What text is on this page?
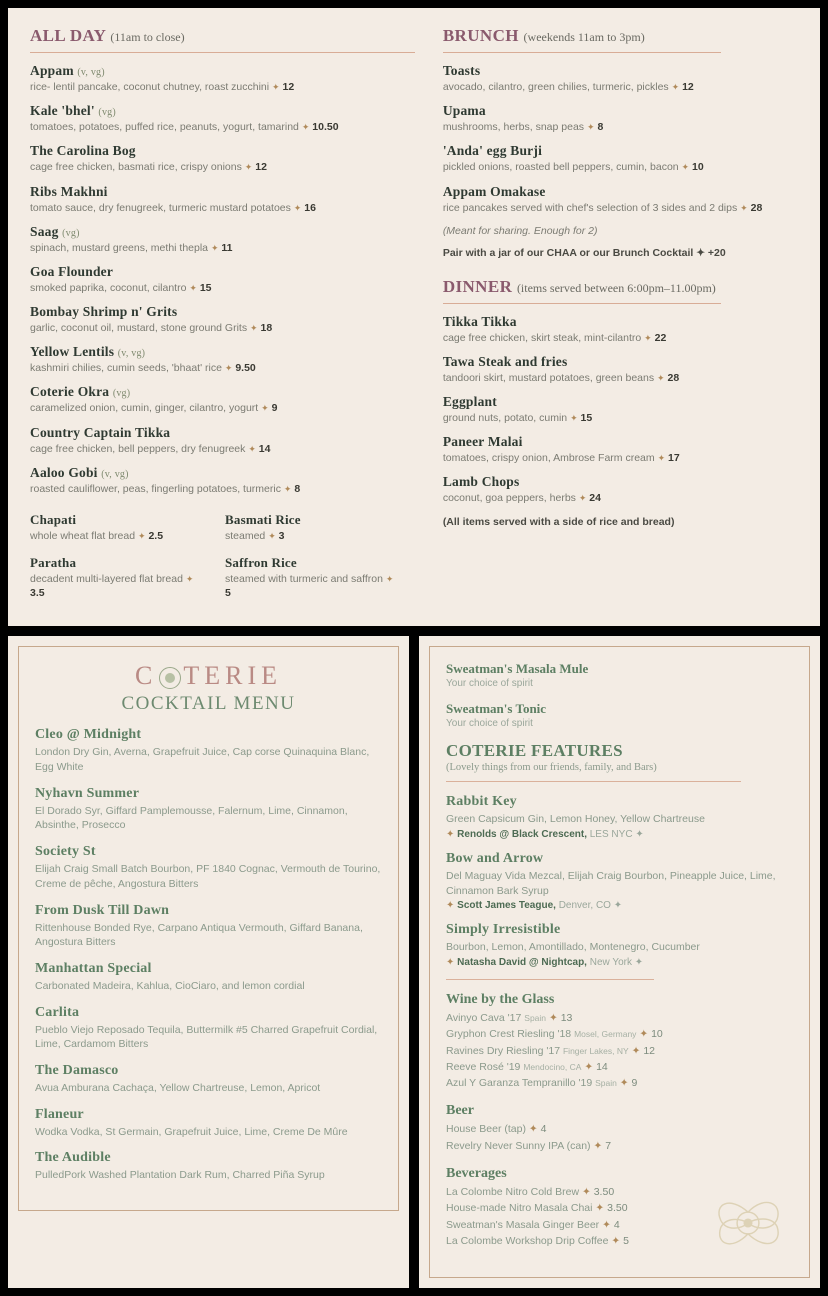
ALL DAY (11am to close)
Appam (v, vg)
rice- lentil pancake, coconut chutney, roast zucchini ✦ 12
Kale 'bhel' (vg)
tomatoes, potatoes, puffed rice, peanuts, yogurt, tamarind ✦ 10.50
The Carolina Bog
cage free chicken, basmati rice, crispy onions ✦ 12
Ribs Makhni
tomato sauce, dry fenugreek, turmeric mustard potatoes ✦ 16
Saag (vg)
spinach, mustard greens, methi thepla ✦ 11
Goa Flounder
smoked paprika, coconut, cilantro ✦ 15
Bombay Shrimp n' Grits
garlic, coconut oil, mustard, stone ground Grits ✦ 18
Yellow Lentils (v, vg)
kashmiri chilies, cumin seeds, 'bhaat' rice ✦ 9.50
Coterie Okra (vg)
caramelized onion, cumin, ginger, cilantro, yogurt ✦ 9
Country Captain Tikka
cage free chicken, bell peppers, dry fenugreek ✦ 14
Aaloo Gobi (v, vg)
roasted cauliflower, peas, fingerling potatoes, turmeric ✦ 8
Chapati
whole wheat flat bread ✦ 2.5
Paratha
decadent multi-layered flat bread ✦ 3.5
Basmati Rice
steamed ✦ 3
Saffron Rice
steamed with turmeric and saffron ✦ 5
BRUNCH (weekends 11am to 3pm)
Toasts
avocado, cilantro, green chilies, turmeric, pickles ✦ 12
Upama
mushrooms, herbs, snap peas ✦ 8
'Anda' egg Burji
pickled onions, roasted bell peppers, cumin, bacon ✦ 10
Appam Omakase
rice pancakes served with chef's selection of 3 sides and 2 dips ✦ 28
(Meant for sharing. Enough for 2)
Pair with a jar of our CHAA or our Brunch Cocktail ✦ +20
DINNER (items served between 6:00pm–11.00pm)
Tikka Tikka
cage free chicken, skirt steak, mint-cilantro ✦ 22
Tawa Steak and fries
tandoori skirt, mustard potatoes, green beans ✦ 28
Eggplant
ground nuts, potato, cumin ✦ 15
Paneer Malai
tomatoes, crispy onion, Ambrose Farm cream ✦ 17
Lamb Chops
coconut, goa peppers, herbs ✦ 24
(All items served with a side of rice and bread)
C TERIE
COCKTAIL MENU
Cleo @ Midnight
London Dry Gin, Averna, Grapefruit Juice, Cap corse Quinaquina Blanc, Egg White
Nyhavn Summer
El Dorado Syr, Giffard Pamplemousse, Falernum, Lime, Cinnamon, Absinthe, Prosecco
Society St
Elijah Craig Small Batch Bourbon, PF 1840 Cognac, Vermouth de Tourino, Creme de pêche, Angostura Bitters
From Dusk Till Dawn
Rittenhouse Bonded Rye, Carpano Antiqua Vermouth, Giffard Banana, Angostura Bitters
Manhattan Special
Carbonated Madeira, Kahlua, CioCiaro, and lemon cordial
Carlita
Pueblo Viejo Reposado Tequila, Buttermilk #5 Charred Grapefruit Cordial, Lime, Cardamom Bitters
The Damasco
Avua Amburana Cachaça, Yellow Chartreuse, Lemon, Apricot
Flaneur
Wodka Vodka, St Germain, Grapefruit Juice, Lime, Creme De Mûre
The Audible
PulledPork Washed Plantation Dark Rum, Charred Piña Syrup
Sweatman's Masala Mule
Your choice of spirit
Sweatman's Tonic
Your choice of spirit
COTERIE FEATURES
(Lovely things from our friends, family, and Bars)
Rabbit Key
Green Capsicum Gin, Lemon Honey, Yellow Chartreuse
✦ Renolds @ Black Crescent, LES NYC ✦
Bow and Arrow
Del Maguay Vida Mezcal, Elijah Craig Bourbon, Pineapple Juice, Lime, Cinnamon Bark Syrup
✦ Scott James Teague, Denver, CO ✦
Simply Irresistible
Bourbon, Lemon, Amontillado, Montenegro, Cucumber
✦ Natasha David @ Nightcap, New York ✦
Wine by the Glass
Avinyo Cava '17 Spain ✦ 13
Gryphon Crest Riesling '18 Mosel, Germany ✦ 10
Ravines Dry Riesling '17 Finger Lakes, NY ✦ 12
Reeve Rosé '19 Mendocino, CA ✦ 14
Azul Y Garanza Tempranillo '19 Spain ✦ 9
Beer
House Beer (tap) ✦ 4
Revelry Never Sunny IPA (can) ✦ 7
Beverages
La Colombe Nitro Cold Brew ✦ 3.50
House-made Nitro Masala Chai ✦ 3.50
Sweatman's Masala Ginger Beer ✦ 4
La Colombe Workshop Drip Coffee ✦ 5
